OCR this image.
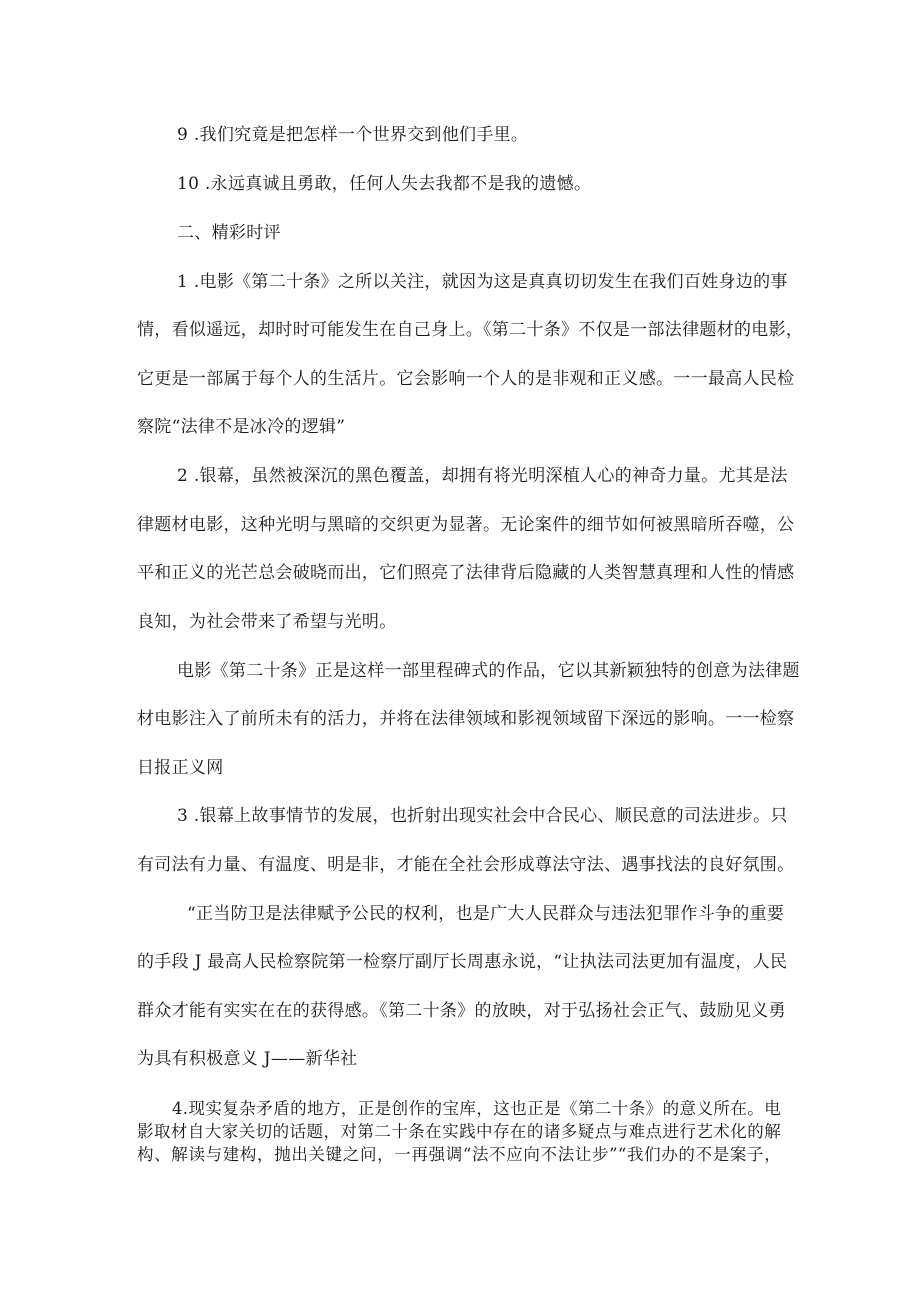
9 .我们究竟是把怎样一个世界交到他们手里。
10 .永远真诚且勇敢，任何人失去我都不是我的遗憾。
二、精彩时评
1 .电影《第二十条》之所以关注，就因为这是真真切切发生在我们百姓身边的事
情，看似遥远，却时时可能发生在自己身上。《第二十条》不仅是一部法律题材的电影，
它更是一部属于每个人的生活片。它会影响一个人的是非观和正义感。一一最高人民检
察院“法律不是冰冷的逻辑”
2 .银幕，虽然被深沉的黑色覆盖，却拥有将光明深植人心的神奇力量。尤其是法
律题材电影，这种光明与黑暗的交织更为显著。无论案件的细节如何被黑暗所吞噬，公
平和正义的光芒总会破晓而出，它们照亮了法律背后隐藏的人类智慧真理和人性的情感
良知，为社会带来了希望与光明。
电影《第二十条》正是这样一部里程碑式的作品，它以其新颖独特的创意为法律题
材电影注入了前所未有的活力，并将在法律领域和影视领域留下深远的影响。一一检察
日报正义网
3 .银幕上故事情节的发展，也折射出现实社会中合民心、顺民意的司法进步。只
有司法有力量、有温度、明是非，才能在全社会形成尊法守法、遇事找法的良好氛围。
“正当防卫是法律赋予公民的权利，也是广大人民群众与违法犯罪作斗争的重要
的手段 J 最高人民检察院第一检察厅副厅长周惠永说，“让执法司法更加有温度，人民
群众才能有实实在在的获得感。《第二十条》的放映，对于弘扬社会正气、鼓励见义勇
为具有积极意义 J——新华社
4.现实复杂矛盾的地方，正是创作的宝库，这也正是《第二十条》的意义所在。电
影取材自大家关切的话题，对第二十条在实践中存在的诸多疑点与难点进行艺术化的解
构、解读与建构，抛出关键之问，一再强调“法不应向不法让步”“我们办的不是案子，
